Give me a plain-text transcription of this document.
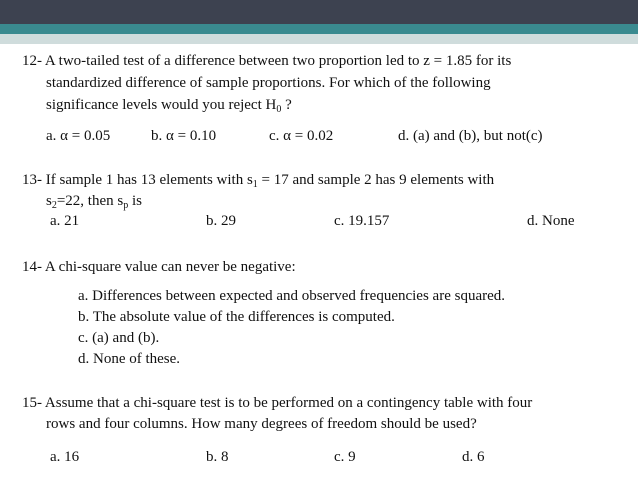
12- A two-tailed test of a difference between two proportion led to z = 1.85 for its
standardized difference of sample proportions. For which of the following
significance levels would you reject $H_0$ ?
a. α = 0.05	b. α = 0.10	c. α = 0.02	d. (a) and (b), but not(c)
13- If sample 1 has 13 elements with $s_1 = 17$ and sample 2 has 9 elements with
$s_2=22$, then $s_p$ is
a. 21	b. 29	c. 19.157	d. None
14- A chi-square value can never be negative:
a. Differences between expected and observed frequencies are squared.
b. The absolute value of the differences is computed.
c. (a) and (b).
d. None of these.
15- Assume that a chi-square test is to be performed on a contingency table with four
rows and four columns. How many degrees of freedom should be used?
a. 16	b. 8	c. 9	d. 6
